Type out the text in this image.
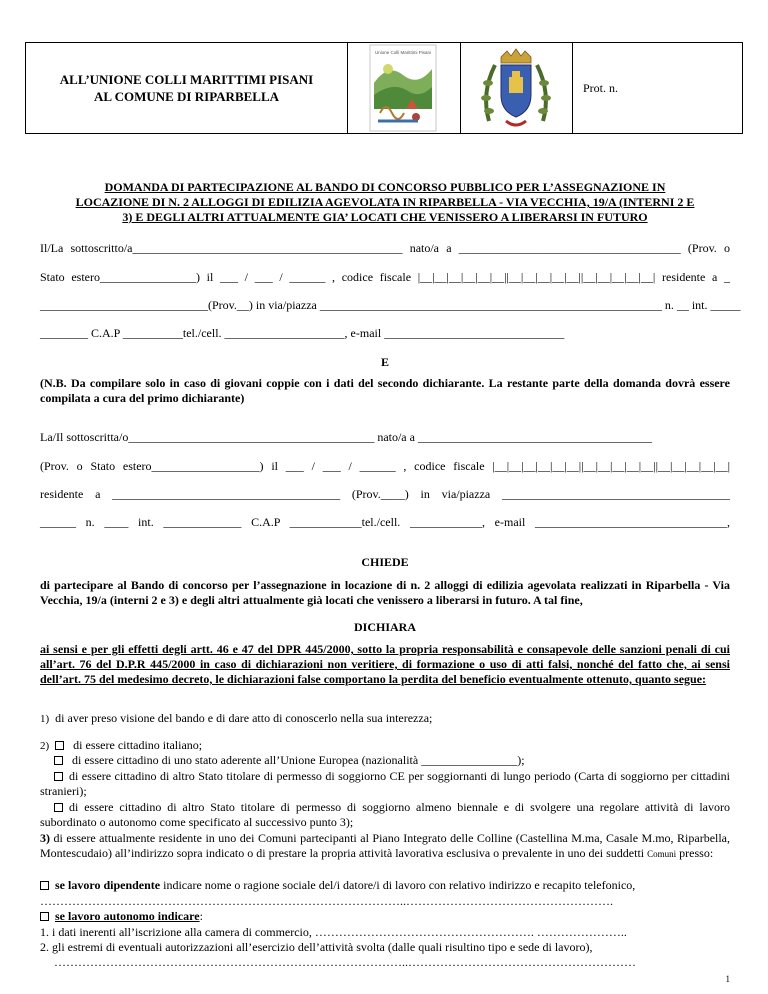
ALL’UNIONE COLLI MARITTIMI PISANI
AL COMUNE DI RIPARBELLA
Unione Colli Marittimi Pisani
Prot. n.
DOMANDA DI PARTECIPAZIONE AL BANDO DI CONCORSO PUBBLICO PER L’ASSEGNAZIONE IN
LOCAZIONE DI N. 2 ALLOGGI DI EDILIZIA AGEVOLATA IN RIPARBELLA - VIA VECCHIA, 19/A (INTERNI 2 E
3) E DEGLI ALTRI ATTUALMENTE GIA’ LOCATI CHE VENISSERO A LIBERARSI IN FUTURO
Il/La sottoscritto/a_____________________________________________ nato/a a _____________________________________ (Prov. o
Stato estero________________) il ___ / ___ / ______ , codice fiscale |__|__|__|__|__|__||__|__|__|__|__||__|__|__|__|__| residente a _
____________________________(Prov.__) in via/piazza _________________________________________________________ n. __ int. _____
________ C.A.P __________tel./cell. ____________________, e-mail ______________________________
E
(N.B. Da compilare solo in caso di giovani coppie con i dati del secondo dichiarante. La restante parte della domanda dovrà essere compilata a cura del primo dichiarante)
La/Il sottoscritta/o_________________________________________ nato/a a _______________________________________
(Prov. o Stato estero__________________) il ___ / ___ / ______ , codice fiscale |__|__|__|__|__|__||__|__|__|__|__||__|__|__|__|__|
residente a ______________________________________ (Prov.____) in via/piazza ______________________________________
______ n. ____ int. _____________ C.A.P ____________tel./cell. ____________, e-mail ________________________________,
CHIEDE
di partecipare al Bando di concorso per l’assegnazione in locazione di n. 2 alloggi di edilizia agevolata realizzati in Riparbella - Via Vecchia, 19/a (interni 2 e 3) e degli altri attualmente già locati che venissero a liberarsi in futuro. A tal fine,
DICHIARA
ai sensi e per gli effetti degli artt. 46 e 47 del DPR 445/2000, sotto la propria responsabilità e consapevole delle sanzioni penali di cui all’art. 76 del D.P.R 445/2000 in caso di dichiarazioni non veritiere, di formazione o uso di atti falsi, nonché del fatto che, ai sensi dell’art. 75 del medesimo decreto, le dichiarazioni false comportano la perdita del beneficio eventualmente ottenuto, quanto segue:
1) di aver preso visione del bando e di dare atto di conoscerlo nella sua interezza;
2) di essere cittadino italiano;
di essere cittadino di uno stato aderente all’Unione Europea (nazionalità ________________);
di essere cittadino di altro Stato titolare di permesso di soggiorno CE per soggiornanti di lungo periodo (Carta di soggiorno per cittadini stranieri);
di essere cittadino di altro Stato titolare di permesso di soggiorno almeno biennale e di svolgere una regolare attività di lavoro subordinato o autonomo come specificato al successivo punto 3);
3) di essere attualmente residente in uno dei Comuni partecipanti al Piano Integrato delle Colline (Castellina M.ma, Casale M.mo, Riparbella, Montescudaio) all’indirizzo sopra indicato o di prestare la propria attività lavorativa esclusiva o prevalente in uno dei suddetti Comuni presso:
se lavoro dipendente indicare nome o ragione sociale del/i datore/i di lavoro con relativo indirizzo e recapito telefonico,
………………………………………………………………………………..…………………………………………….
se lavoro autonomo indicare:
1. i dati inerenti all’iscrizione alla camera di commercio, ………………………………………………. …………………..
2. gli estremi di eventuali autorizzazioni all’esercizio dell’attività svolta (dalle quali risultino tipo e sede di lavoro),
……………………………………………………………………………..…………………………………………………
1
